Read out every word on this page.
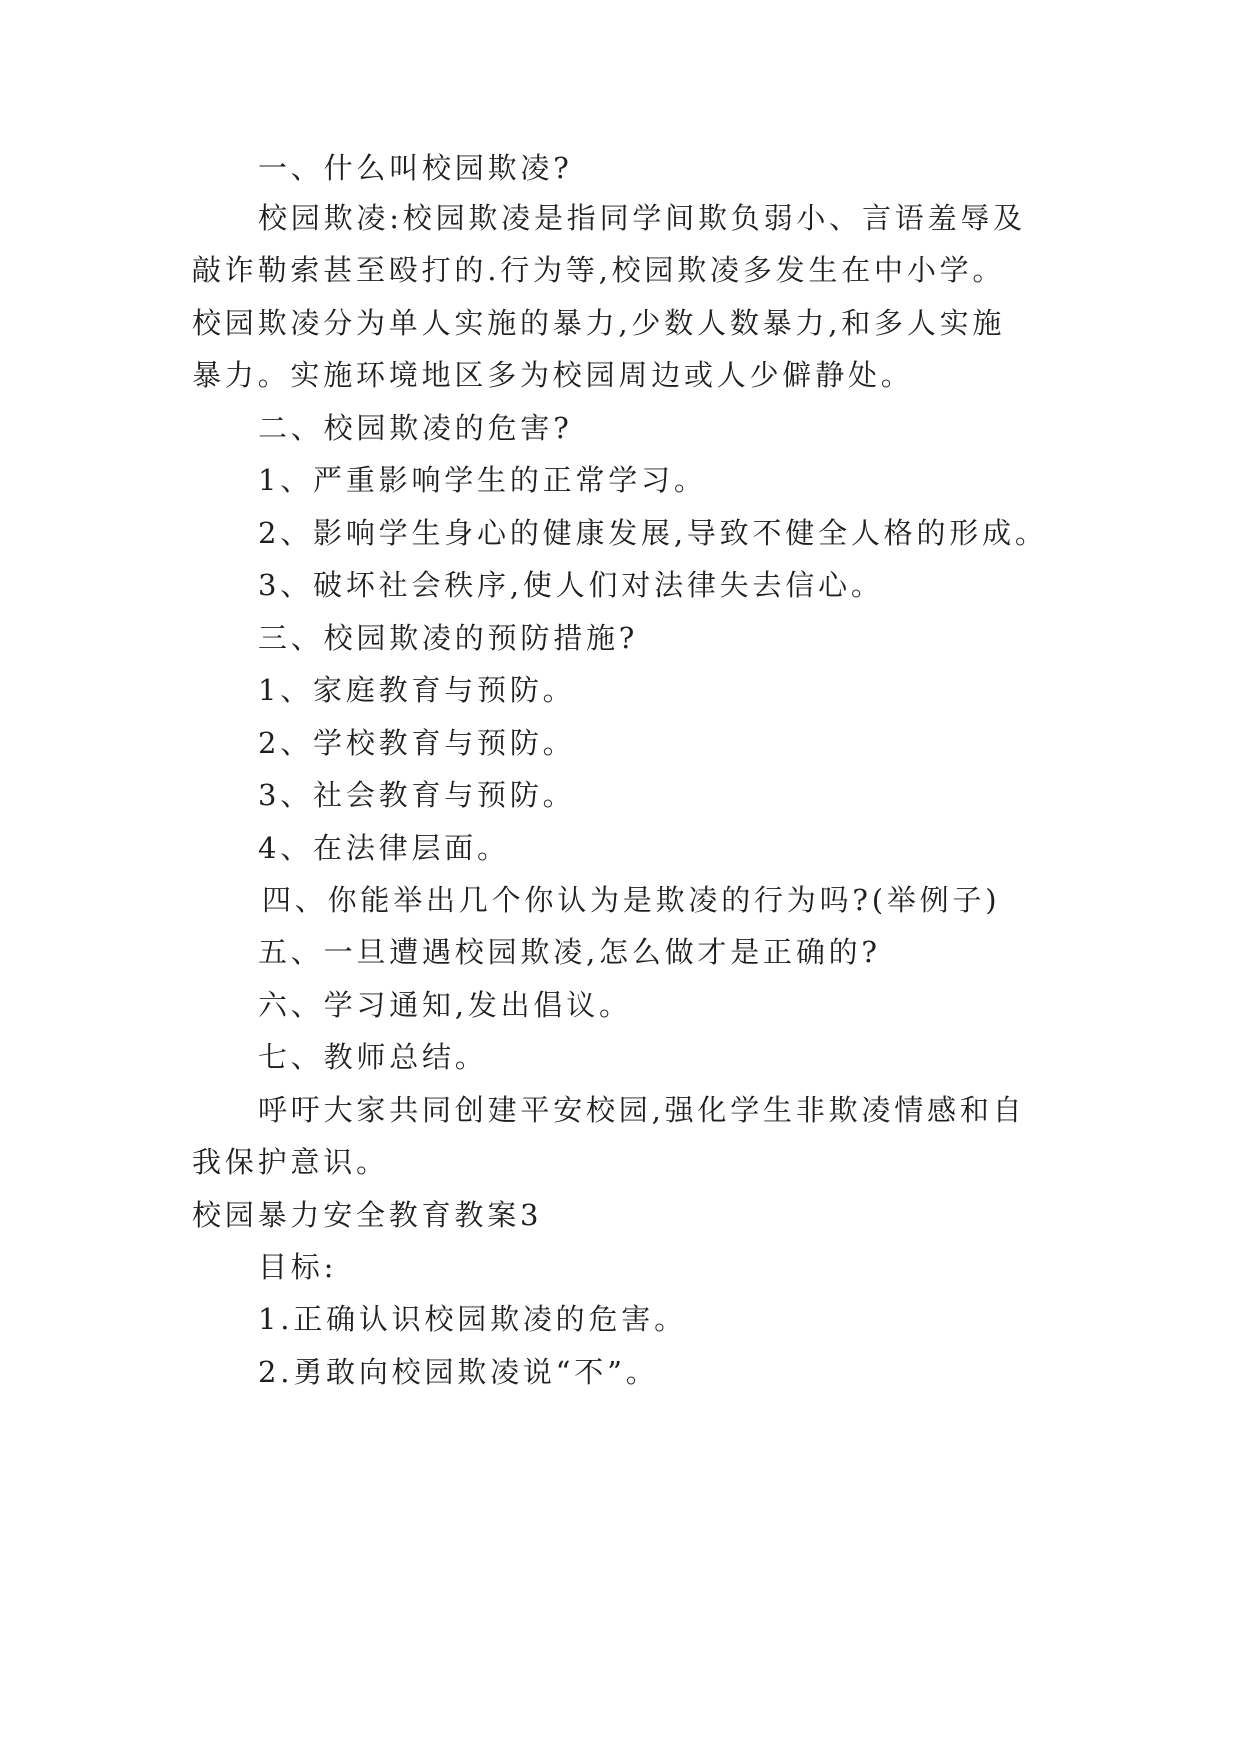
一、什么叫校园欺凌?

校园欺凌:校园欺凌是指同学间欺负弱小、言语羞辱及

敲诈勒索甚至殴打的.行为等,校园欺凌多发生在中小学。

校园欺凌分为单人实施的暴力,少数人数暴力,和多人实施

暴力。实施环境地区多为校园周边或人少僻静处。

二、校园欺凌的危害?

1、严重影响学生的正常学习。

2、影响学生身心的健康发展,导致不健全人格的形成。

3、破坏社会秩序,使人们对法律失去信心。

三、校园欺凌的预防措施?

1、家庭教育与预防。

2、学校教育与预防。

3、社会教育与预防。

4、在法律层面。

四、你能举出几个你认为是欺凌的行为吗?(举例子)

五、一旦遭遇校园欺凌,怎么做才是正确的?

六、学习通知,发出倡议。

七、教师总结。

呼吁大家共同创建平安校园,强化学生非欺凌情感和自

我保护意识。

校园暴力安全教育教案3

目标:

1.正确认识校园欺凌的危害。

2.勇敢向校园欺凌说“不”。
